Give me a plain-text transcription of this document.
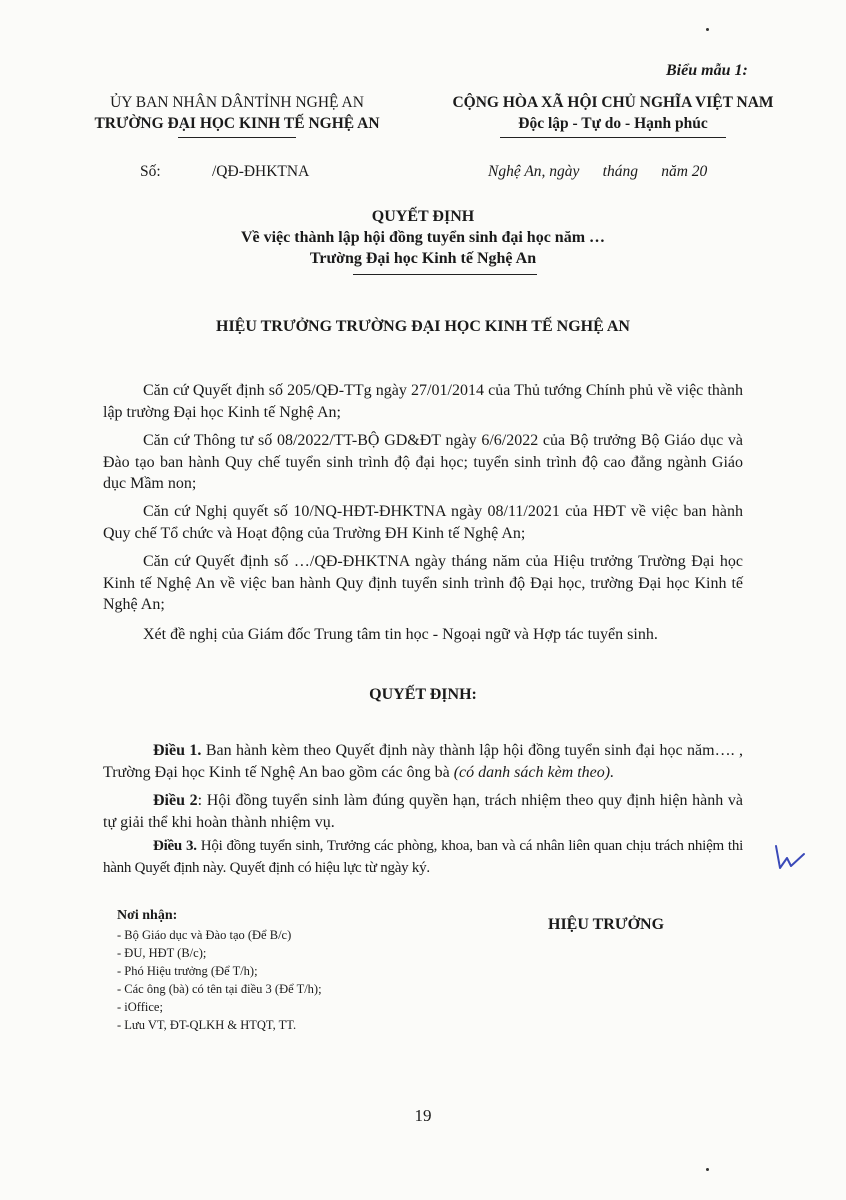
Biểu mẫu 1:
ỦY BAN NHÂN DÂNTỈNH NGHỆ AN
TRƯỜNG ĐẠI HỌC KINH TẾ NGHỆ AN
CỘNG HÒA XÃ HỘI CHỦ NGHĨA VIỆT NAM
Độc lập - Tự do - Hạnh phúc
Số:	/QĐ-ĐHKTNA	Nghệ An, ngày      tháng      năm 20
QUYẾT ĐỊNH
Về việc thành lập hội đồng tuyển sinh đại học năm …
Trường Đại học Kinh tế Nghệ An
HIỆU TRƯỞNG TRƯỜNG ĐẠI HỌC KINH TẾ NGHỆ AN
Căn cứ Quyết định số 205/QĐ-TTg ngày 27/01/2014 của Thủ tướng Chính phủ về việc thành lập trường Đại học Kinh tế Nghệ An;
Căn cứ Thông tư số 08/2022/TT-BỘ GD&ĐT ngày 6/6/2022 của Bộ trưởng Bộ Giáo dục và Đào tạo ban hành Quy chế tuyển sinh trình độ đại học; tuyển sinh trình độ cao đẳng ngành Giáo dục Mầm non;
Căn cứ Nghị quyết số 10/NQ-HĐT-ĐHKTNA ngày 08/11/2021 của HĐT về việc ban hành Quy chế Tổ chức và Hoạt động của Trường ĐH Kinh tế Nghệ An;
Căn cứ Quyết định số …/QĐ-ĐHKTNA ngày tháng năm của Hiệu trưởng Trường Đại học Kinh tế Nghệ An về việc ban hành Quy định tuyển sinh trình độ Đại học, trường Đại học Kinh tế Nghệ An;
Xét đề nghị của Giám đốc Trung tâm tin học - Ngoại ngữ và Hợp tác tuyển sinh.
QUYẾT ĐỊNH:
Điều 1. Ban hành kèm theo Quyết định này thành lập hội đồng tuyển sinh đại học năm…. , Trường Đại học Kinh tế Nghệ An bao gồm các ông bà (có danh sách kèm theo).
Điều 2: Hội đồng tuyển sinh làm đúng quyền hạn, trách nhiệm theo quy định hiện hành và tự giải thể khi hoàn thành nhiệm vụ.
Điều 3. Hội đồng tuyển sinh, Trưởng các phòng, khoa, ban và cá nhân liên quan chịu trách nhiệm thi hành Quyết định này. Quyết định có hiệu lực từ ngày ký.
Nơi nhận:
- Bộ Giáo dục và Đào tạo (Để B/c)
- ĐU, HĐT (B/c);
- Phó Hiệu trưởng (Để T/h);
- Các ông (bà) có tên tại điều 3 (Để T/h);
- iOffice;
- Lưu VT, ĐT-QLKH & HTQT, TT.
HIỆU TRƯỞNG
19
